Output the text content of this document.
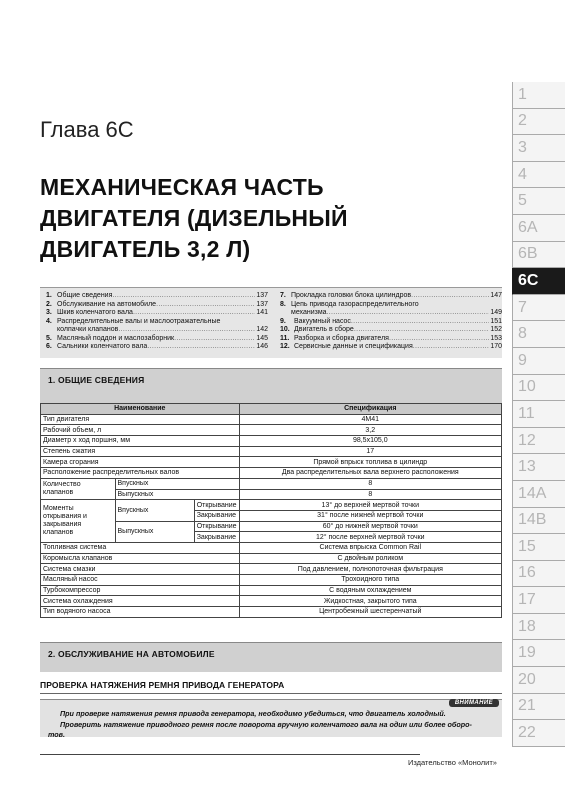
Глава 6С
МЕХАНИЧЕСКАЯ ЧАСТЬ
ДВИГАТЕЛЯ (ДИЗЕЛЬНЫЙ
ДВИГАТЕЛЬ 3,2 Л)
1. Общие сведения .....	137
2. Обслуживание на автомобиле .....	137
3. Шкив коленчатого вала .....	141
4. Распределительные валы и маслоотражательные
колпачки клапанов .....	142
5. Масляный поддон и маслозаборник .....	145
6. Сальники коленчатого вала .....	146
7. Прокладка головки блока цилиндров .....	147
8. Цепь привода газораспределительного
механизма .....	149
9.	Вакуумный насос .....	151
10. Двигатель в сборе .....	152
11. Разборка и сборка двигателя .....	153
12. Сервисные данные и спецификация .....	170
1. ОБЩИЕ СВЕДЕНИЯ
Наименование			Спецификация
Тип двигателя			4M41
Рабочий объем, л			3,2
Диаметр х ход поршня, мм			98,5х105,0
Степень сжатия			17
Камера сгорания			Прямой впрыск топлива в цилиндр
Расположение распределительных валов			Два распределительных вала верхнего расположения
Количество клапанов	Впускных		8
	Выпускных		8
Моменты открывания и закрывания клапанов	Впускных	Открывание	13° до верхней мертвой точки
		Закрывание	31° после нижней мертвой точки
	Выпускных	Открывание	60° до нижней мертвой точки
		Закрывание	12° после верхней мертвой точки
Топливная система			Система впрыска Common Rail
Коромысла клапанов			С двойным роликом
Система смазки			Под давлением, полнопоточная фильтрация
Масляный насос			Трохоидного типа
Турбокомпрессор			С водяным охлаждением
Система охлаждения			Жидкостная, закрытого типа
Тип водяного насоса			Центробежный шестеренчатый
2. ОБСЛУЖИВАНИЕ НА АВТОМОБИЛЕ
ПРОВЕРКА НАТЯЖЕНИЯ РЕМНЯ ПРИВОДА ГЕНЕРАТОРА
ВНИМАНИЕ

При проверке натяжения ремня привода генератора, необходимо убедиться, что двигатель холодный.

Проверить натяжение приводного ремня после поворота вручную коленчатого вала на один или более оборо-

тов.
Издательство «Монолит»
1
2
3
4
5
6A
6B
6C
7
8
9
10
11
12
13
14A
14B
15
16
17
18
19
20
21
22
